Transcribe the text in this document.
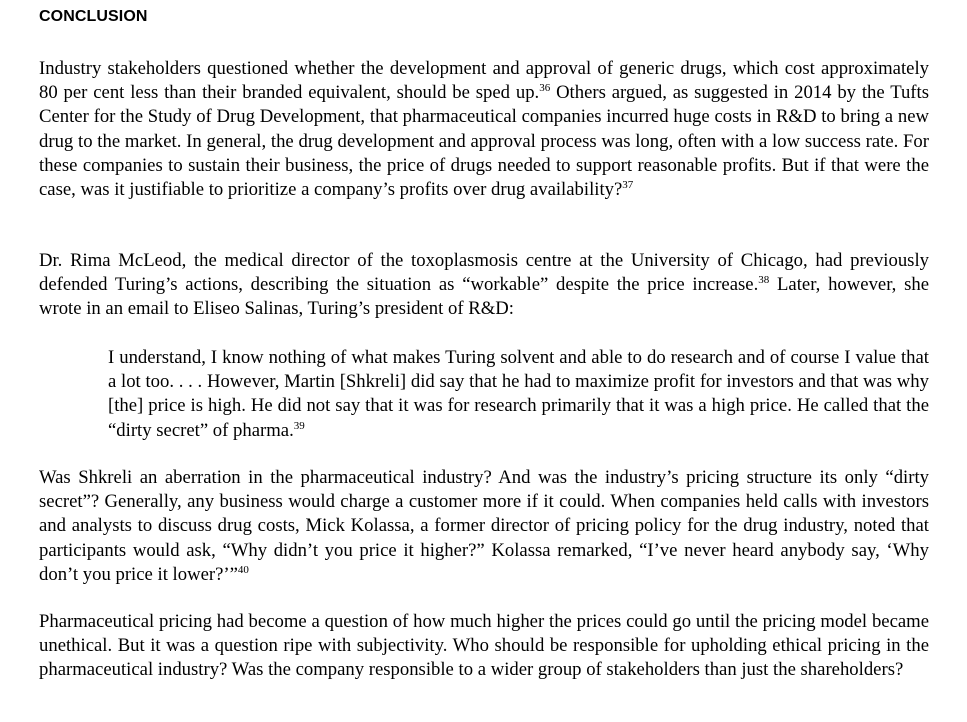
CONCLUSION
Industry stakeholders questioned whether the development and approval of generic drugs, which cost approximately 80 per cent less than their branded equivalent, should be sped up.$^{36}$ Others argued, as suggested in 2014 by the Tufts Center for the Study of Drug Development, that pharmaceutical companies incurred huge costs in R&D to bring a new drug to the market. In general, the drug development and approval process was long, often with a low success rate. For these companies to sustain their business, the price of drugs needed to support reasonable profits. But if that were the case, was it justifiable to prioritize a company’s profits over drug availability?$^{37}$
Dr. Rima McLeod, the medical director of the toxoplasmosis centre at the University of Chicago, had previously defended Turing’s actions, describing the situation as “workable” despite the price increase.$^{38}$ Later, however, she wrote in an email to Eliseo Salinas, Turing’s president of R&D:
I understand, I know nothing of what makes Turing solvent and able to do research and of course I value that a lot too. . . . However, Martin [Shkreli] did say that he had to maximize profit for investors and that was why [the] price is high. He did not say that it was for research primarily that it was a high price. He called that the “dirty secret” of pharma.$^{39}$
Was Shkreli an aberration in the pharmaceutical industry? And was the industry’s pricing structure its only “dirty secret”? Generally, any business would charge a customer more if it could. When companies held calls with investors and analysts to discuss drug costs, Mick Kolassa, a former director of pricing policy for the drug industry, noted that participants would ask, “Why didn’t you price it higher?” Kolassa remarked, “I’ve never heard anybody say, ‘Why don’t you price it lower?’”$^{40}$
Pharmaceutical pricing had become a question of how much higher the prices could go until the pricing model became unethical. But it was a question ripe with subjectivity. Who should be responsible for upholding ethical pricing in the pharmaceutical industry? Was the company responsible to a wider group of stakeholders than just the shareholders?
